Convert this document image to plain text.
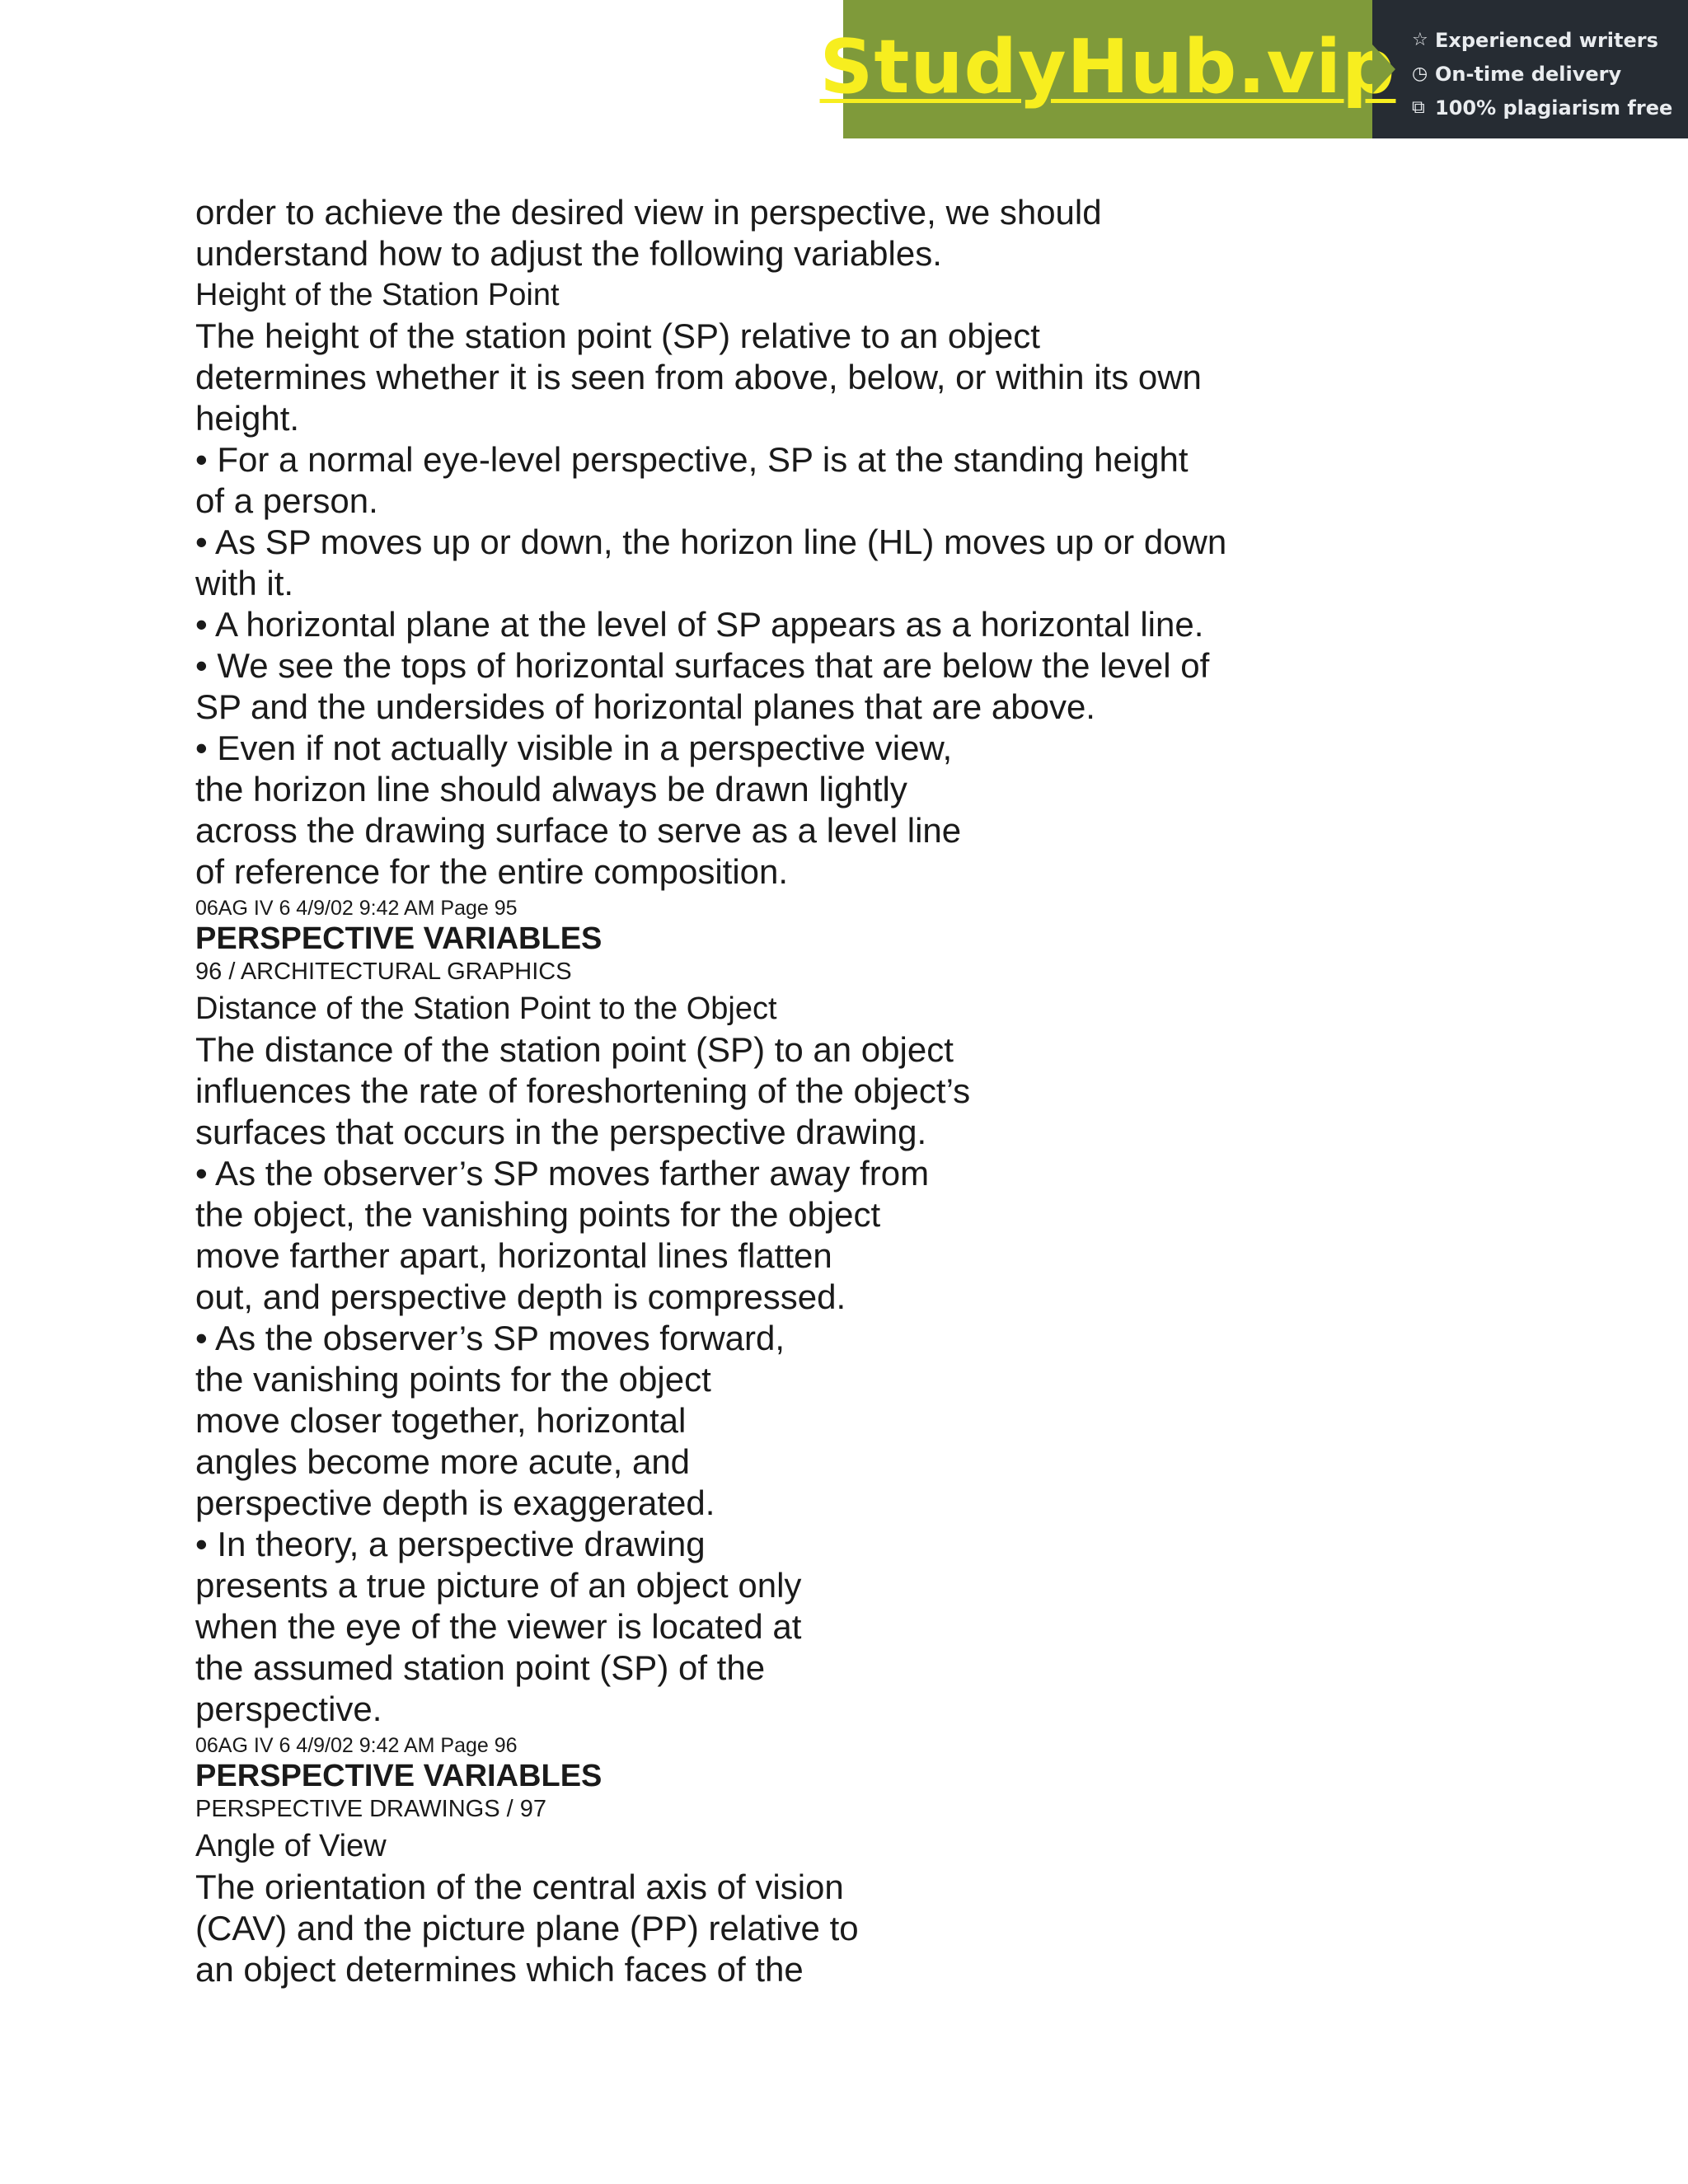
StudyHub.vip ☆ Experienced writers
◷ On-time delivery
⧉ 100% plagiarism free
order to achieve the desired view in perspective, we should
understand how to adjust the following variables.
Height of the Station Point
The height of the station point (SP) relative to an object
determines whether it is seen from above, below, or within its own
height.
• For a normal eye-level perspective, SP is at the standing height
of a person.
• As SP moves up or down, the horizon line (HL) moves up or down
with it.
• A horizontal plane at the level of SP appears as a horizontal line.
• We see the tops of horizontal surfaces that are below the level of
SP and the undersides of horizontal planes that are above.
• Even if not actually visible in a perspective view,
the horizon line should always be drawn lightly
across the drawing surface to serve as a level line
of reference for the entire composition.
06AG IV 6 4/9/02 9:42 AM Page 95
PERSPECTIVE VARIABLES
96 / ARCHITECTURAL GRAPHICS
Distance of the Station Point to the Object
The distance of the station point (SP) to an object
influences the rate of foreshortening of the object’s
surfaces that occurs in the perspective drawing.
• As the observer’s SP moves farther away from
the object, the vanishing points for the object
move farther apart, horizontal lines flatten
out, and perspective depth is compressed.
• As the observer’s SP moves forward,
the vanishing points for the object
move closer together, horizontal
angles become more acute, and
perspective depth is exaggerated.
• In theory, a perspective drawing
presents a true picture of an object only
when the eye of the viewer is located at
the assumed station point (SP) of the
perspective.
06AG IV 6 4/9/02 9:42 AM Page 96
PERSPECTIVE VARIABLES
PERSPECTIVE DRAWINGS / 97
Angle of View
The orientation of the central axis of vision
(CAV) and the picture plane (PP) relative to
an object determines which faces of the
